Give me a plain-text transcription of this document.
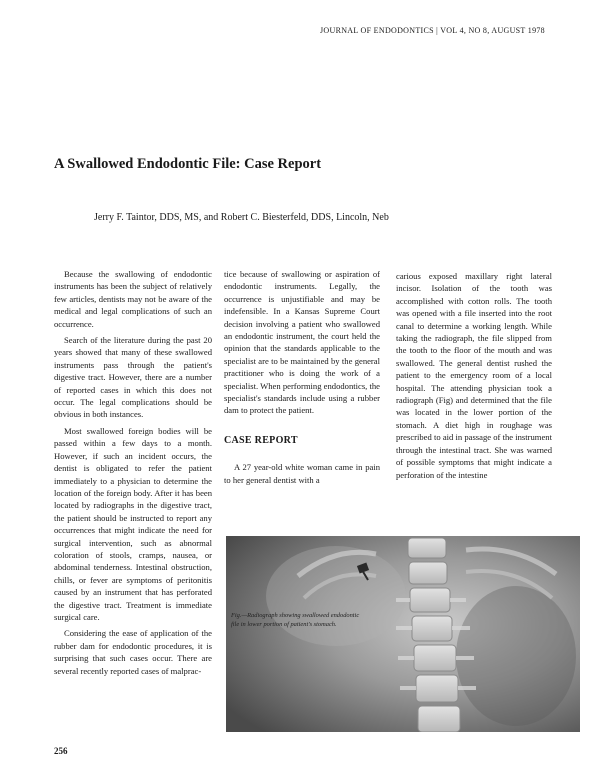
JOURNAL OF ENDODONTICS | VOL 4, NO 8, AUGUST 1978
A Swallowed Endodontic File: Case Report
Jerry F. Taintor, DDS, MS, and Robert C. Biesterfeld, DDS, Lincoln, Neb

Because the swallowing of endodontic instruments has been the subject of relatively few articles, dentists may not be aware of the medical and legal complications of such an occurrence.

Search of the literature during the past 20 years showed that many of these swallowed instruments pass through the patient's digestive tract. However, there are a number of reported cases in which this does not occur. The legal complications should be obvious in both instances.

Most swallowed foreign bodies will be passed within a few days to a month. However, if such an incident occurs, the dentist is obligated to refer the patient immediately to a physician to determine the location of the foreign body. After it has been located by radiographs in the digestive tract, the patient should be instructed to report any occurrences that might indicate the need for surgical intervention, such as abnormal coloration of stools, cramps, nausea, or abdominal tenderness. Intestinal obstruction, chills, or fever are symptoms of peritonitis caused by an instrument that has perforated the digestive tract. Treatment is immediate surgical care.

Considering the ease of application of the rubber dam for endodontic procedures, it is surprising that such cases occur. There are several recently reported cases of malprac-

tice because of swallowing or aspiration of endodontic instruments. Legally, the occurrence is unjustifiable and may be indefensible. In a Kansas Supreme Court decision involving a patient who swallowed an endodontic instrument, the court held the opinion that the standards applicable to the specialist are to be maintained by the general practitioner who is doing the work of a specialist. When performing endodontics, the specialist's standards include using a rubber dam to protect the patient.

CASE REPORT

A 27 year-old white woman came in pain to her general dentist with a

carious exposed maxillary right lateral incisor. Isolation of the tooth was accomplished with cotton rolls. The tooth was opened with a file inserted into the root canal to determine a working length. While taking the radiograph, the file slipped from the tooth to the floor of the mouth and was swallowed. The general dentist rushed the patient to the emergency room of a local hospital. The attending physician took a radiograph (Fig) and determined that the file was located in the lower portion of the stomach. A diet high in roughage was prescribed to aid in passage of the instrument through the intestinal tract. She was warned of possible symptoms that might indicate a perforation of the intestine

Fig.—Radiograph showing swallowed endodontic file in lower portion of patient's stomach.
256
